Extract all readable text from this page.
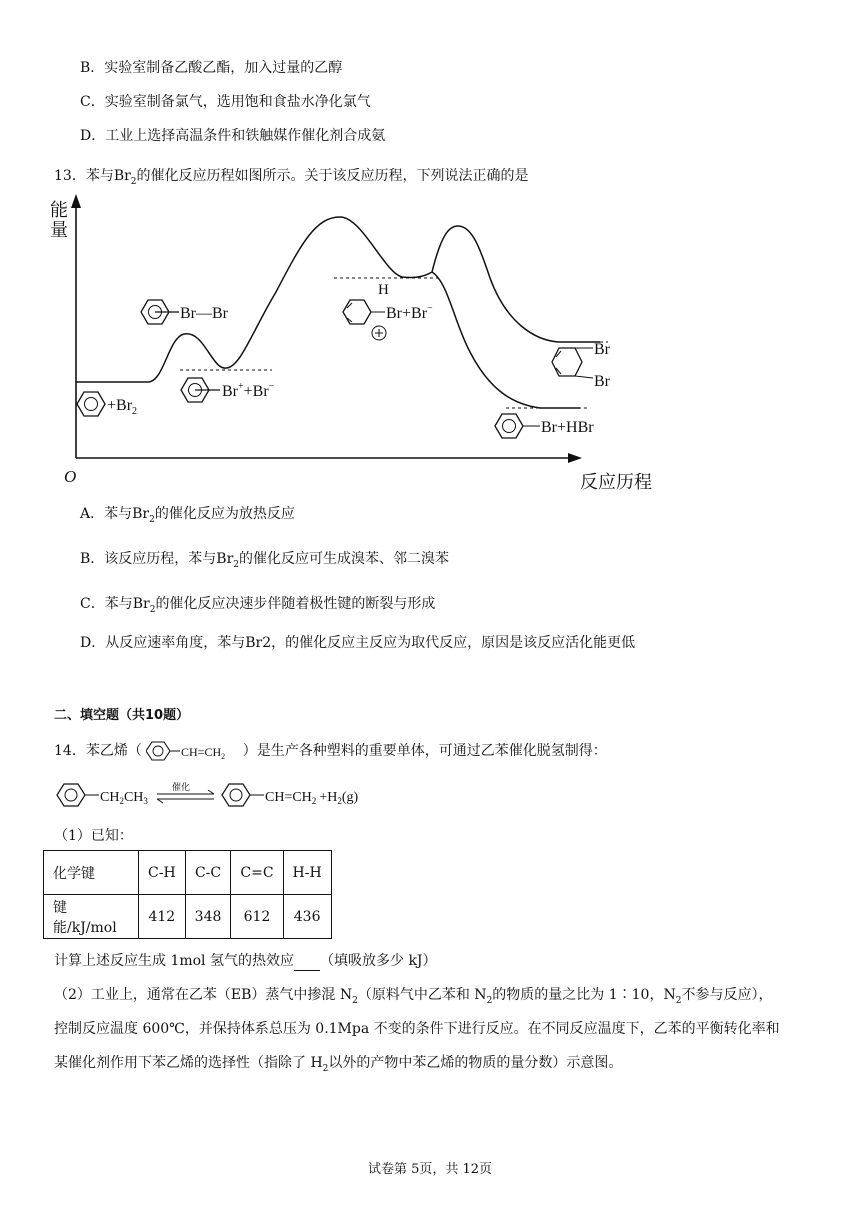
B．实验室制备乙酸乙酯，加入过量的乙醇
C．实验室制备氯气，选用饱和食盐水净化氯气
D．工业上选择高温条件和铁触媒作催化剂合成氨
13．苯与$Br_2$的催化反应历程如图所示。关于该反应历程，下列说法正确的是
能
量
O	反应历程
Br—Br
$+Br_2$
Br++Br−
H
Br+Br−
Br
Br
Br+HBr
A．苯与$Br_2$的催化反应为放热反应
B．该反应历程，苯与$Br_2$的催化反应可生成溴苯、邻二溴苯
C．苯与$Br_2$的催化反应决速步伴随着极性键的断裂与形成
D．从反应速率角度，苯与Br2，的催化反应主反应为取代反应，原因是该反应活化能更低
二、填空题（共10题）
14．苯乙烯（	$CH=CH_2$ ）是生产各种塑料的重要单体，可通过乙苯催化脱氢制得：
$CH_2CH_3$
催化
$CH=CH_2 +H_2(g)$
（1）已知：
化学键	C-H	C-C	C=C	H-H
键能/kJ/mol	412	348	612	436
计算上述反应生成 1mol 氢气的热效应 （填吸放多少 kJ）
（2）工业上，通常在乙苯（EB）蒸气中掺混 $N_2$（原料气中乙苯和 $N_2$的物质的量之比为 1∶10，$N_2$不参与反应），
控制反应温度 600℃，并保持体系总压为 0.1Mpa 不变的条件下进行反应。在不同反应温度下，乙苯的平衡转化率和
某催化剂作用下苯乙烯的选择性（指除了 $H_2$以外的产物中苯乙烯的物质的量分数）示意图。
试卷第 5页，共 12页
